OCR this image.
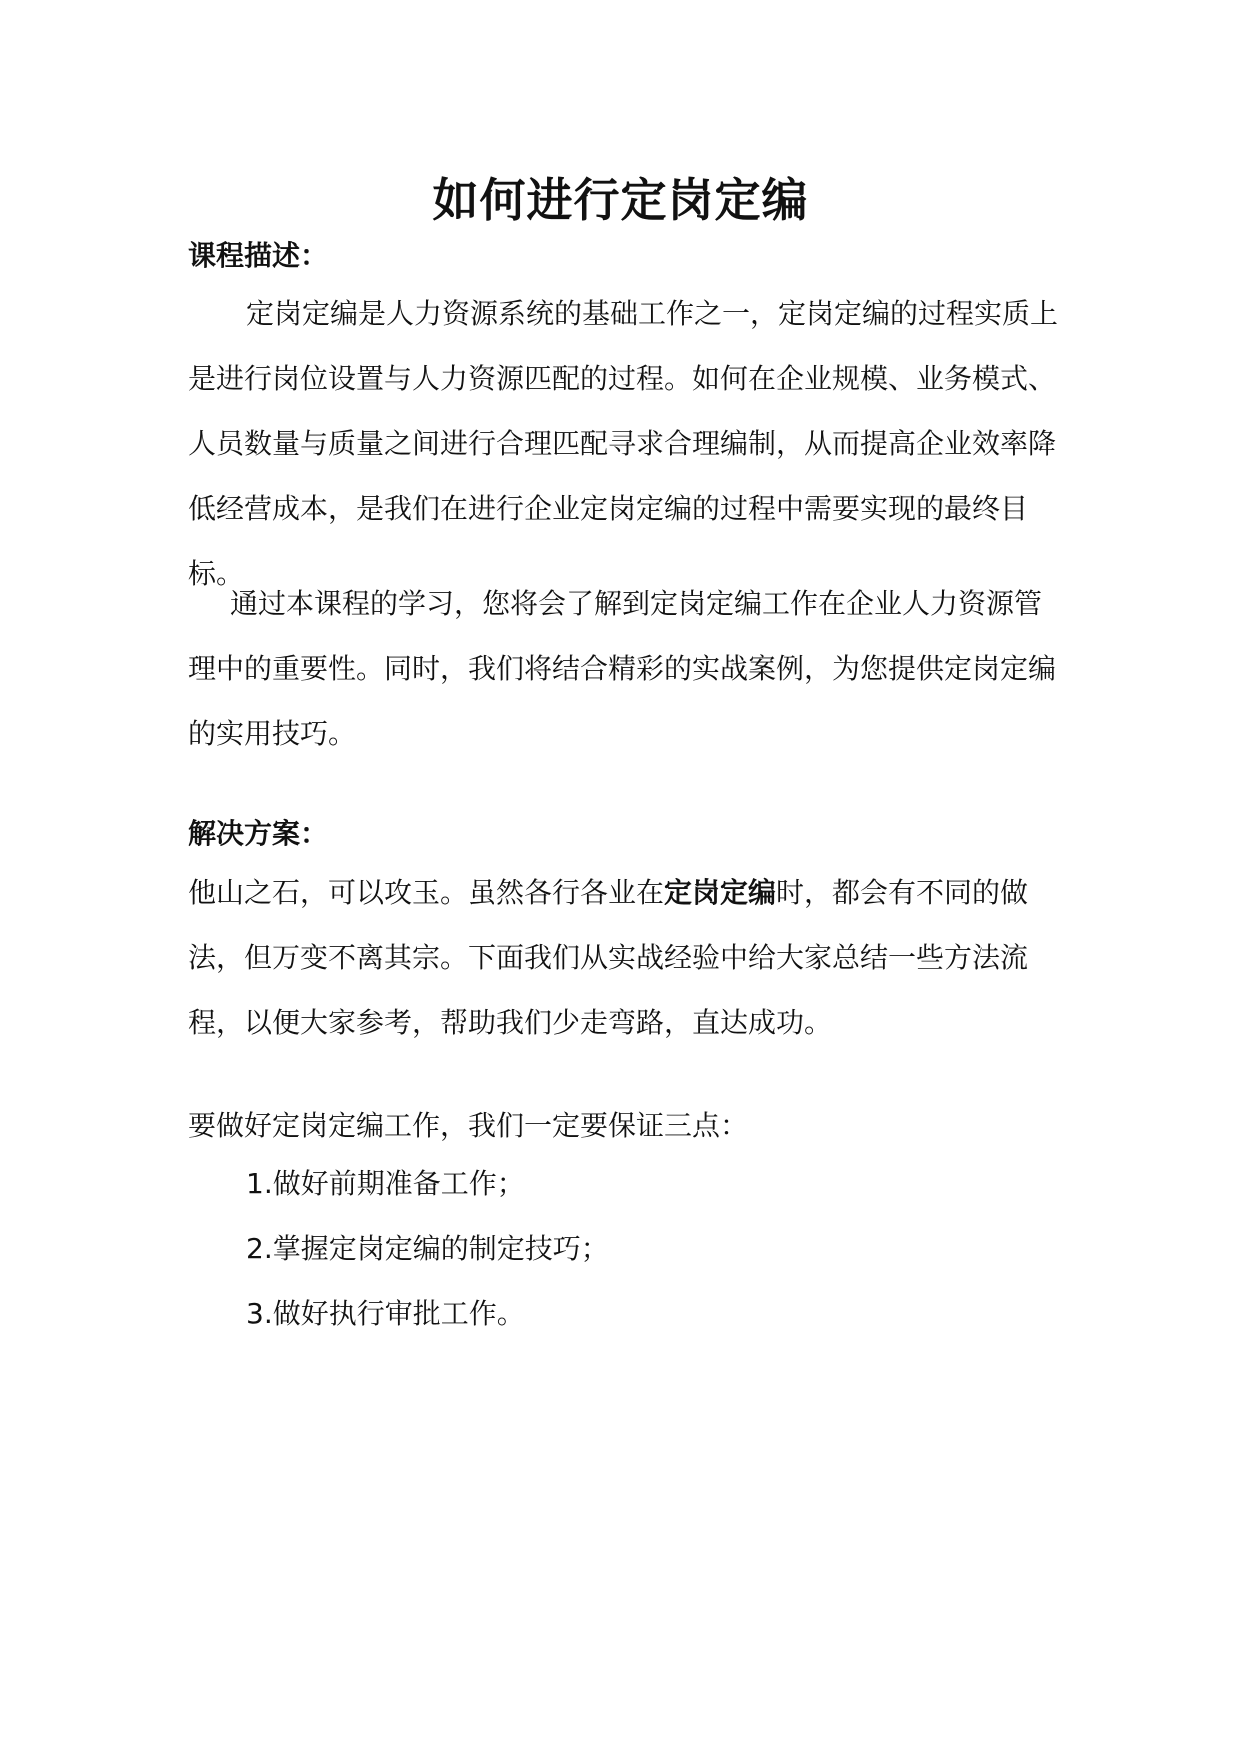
如何进行定岗定编

课程描述：

定岗定编是人力资源系统的基础工作之一，定岗定编的过程实质上是进行岗位设置与人力资源匹配的过程。如何在企业规模、业务模式、人员数量与质量之间进行合理匹配寻求合理编制，从而提高企业效率降低经营成本，是我们在进行企业定岗定编的过程中需要实现的最终目标。

通过本课程的学习，您将会了解到定岗定编工作在企业人力资源管理中的重要性。同时，我们将结合精彩的实战案例，为您提供定岗定编的实用技巧。

解决方案：

他山之石，可以攻玉。虽然各行各业在定岗定编时，都会有不同的做法，但万变不离其宗。下面我们从实战经验中给大家总结一些方法流程，以便大家参考，帮助我们少走弯路，直达成功。

要做好定岗定编工作，我们一定要保证三点：

1.做好前期准备工作；

2.掌握定岗定编的制定技巧；

3.做好执行审批工作。
